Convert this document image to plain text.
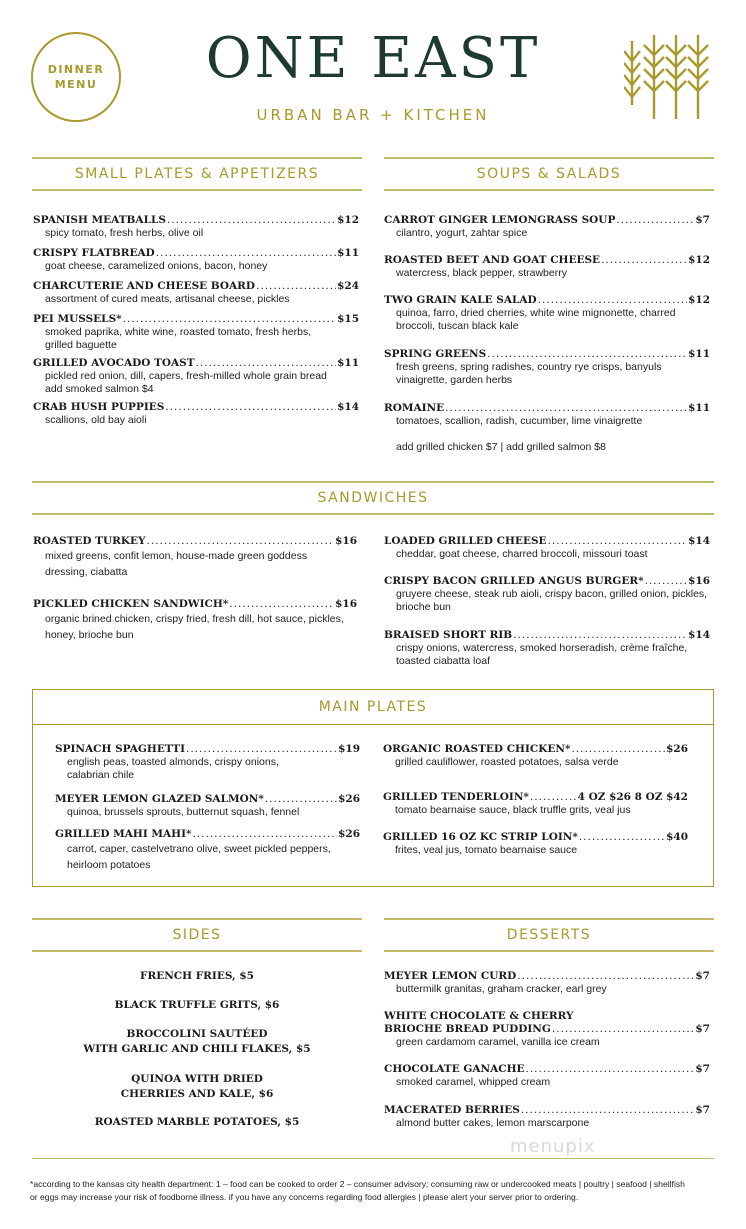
DINNER
MENU	ONE EAST
URBAN BAR + KITCHEN
SMALL PLATES & APPETIZERS
SPANISH MEATBALLS .....	$12
spicy tomato, fresh herbs, olive oil
CRISPY FLATBREAD .....	$11
goat cheese, caramelized onions, bacon, honey
CHARCUTERIE AND CHEESE BOARD .....	$24
assortment of cured meats, artisanal cheese, pickles
PEI MUSSELS* .....	$15
smoked paprika, white wine, roasted tomato, fresh herbs,
grilled baguette
GRILLED AVOCADO TOAST .....	$11
pickled red onion, dill, capers, fresh-milled whole grain bread
add smoked salmon $4
CRAB HUSH PUPPIES .....	$14
scallions, old bay aioli
SOUPS & SALADS
CARROT GINGER LEMONGRASS SOUP .....	$7
cilantro, yogurt, zahtar spice
ROASTED BEET AND GOAT CHEESE .....	$12
watercress, black pepper, strawberry
TWO GRAIN KALE SALAD .....	$12
quinoa, farro, dried cherries, white wine mignonette, charred
broccoli, tuscan black kale
SPRING GREENS .....	$11
fresh greens, spring radishes, country rye crisps, banyuls
vinaigrette, garden herbs
ROMAINE .....	$11
tomatoes, scallion, radish, cucumber, lime vinaigrette
add grilled chicken $7 | add grilled salmon $8
SANDWICHES
ROASTED TURKEY .....	$16
mixed greens, confit lemon, house-made green goddess
dressing, ciabatta
PICKLED CHICKEN SANDWICH* .....	$16
organic brined chicken, crispy fried, fresh dill, hot sauce, pickles,
honey, brioche bun
LOADED GRILLED CHEESE .....	$14
cheddar, goat cheese, charred broccoli, missouri toast
CRISPY BACON GRILLED ANGUS BURGER* .....	$16
gruyere cheese, steak rub aioli, crispy bacon, grilled onion, pickles,
brioche bun
BRAISED SHORT RIB .....	$14
crispy onions, watercress, smoked horseradish, crème fraîche,
toasted ciabatta loaf
MAIN PLATES
SPINACH SPAGHETTI .....	$19
english peas, toasted almonds, crispy onions,
calabrian chile
MEYER LEMON GLAZED SALMON* .....	$26
quinoa, brussels sprouts, butternut squash, fennel
GRILLED MAHI MAHI* .....	$26
carrot, caper, castelvetrano olive, sweet pickled peppers,
heirloom potatoes
ORGANIC ROASTED CHICKEN* .....	$26
grilled cauliflower, roasted potatoes, salsa verde
GRILLED TENDERLOIN* .....	4 OZ $26 8 OZ $42
tomato bearnaise sauce, black truffle grits, veal jus
GRILLED 16 OZ KC STRIP LOIN* .....	$40
frites, veal jus, tomato bearnaise sauce
SIDES
FRENCH FRIES, $5
BLACK TRUFFLE GRITS, $6
BROCCOLINI SAUTÉED
WITH GARLIC AND CHILI FLAKES, $5
QUINOA WITH DRIED
CHERRIES AND KALE, $6
ROASTED MARBLE POTATOES, $5
DESSERTS
MEYER LEMON CURD .....	$7
buttermilk granitas, graham cracker, earl grey
WHITE CHOCOLATE & CHERRY
BRIOCHE BREAD PUDDING .....	$7
green cardamom caramel, vanilla ice cream
CHOCOLATE GANACHE .....	$7
smoked caramel, whipped cream
MACERATED BERRIES .....	$7
almond butter cakes, lemon marscarpone
menupix
*according to the kansas city health department: 1 – food can be cooked to order 2 – consumer advisory: consuming raw or undercooked meats | poultry | seafood | shellfish
or eggs may increase your risk of foodborne illness. if you have any concerns regarding food allergies | please alert your server prior to ordering.
